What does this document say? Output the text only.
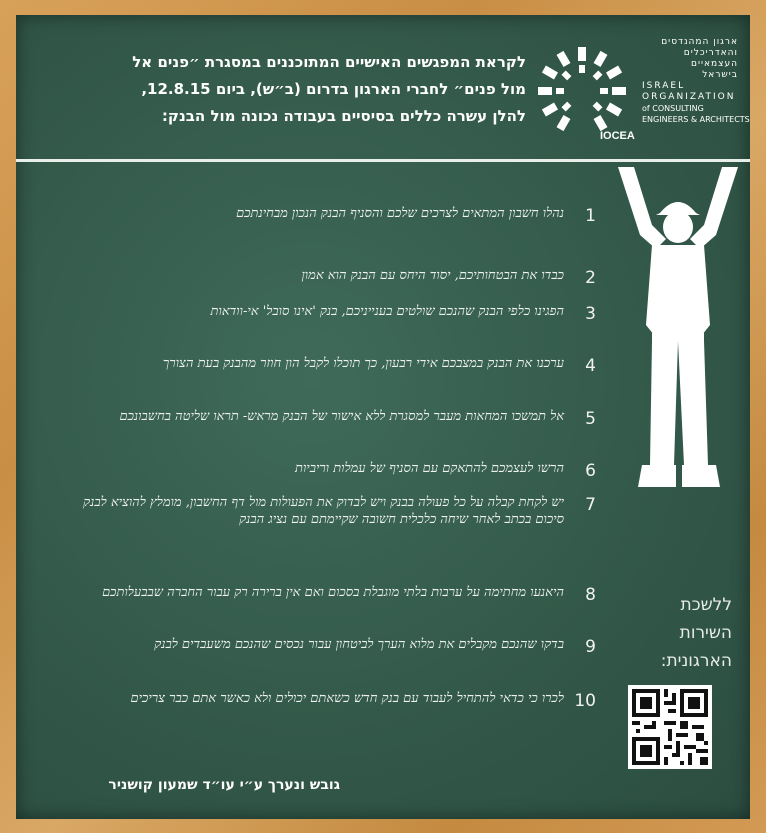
לקראת המפגשים האישיים המתוכננים במסגרת ״פנים אל
מול פנים״ לחברי הארגון בדרום (ב״ש), ביום 12.8.15,
להלן עשרה כללים בסיסיים בעבודה נכונה מול הבנק:
IOCEA
ארגון המהנדסים
והאדריכלים
העצמאיים
בישראל
ISRAEL
ORGANIZATION
of CONSULTING
ENGINEERS & ARCHITECTS
1
נהלו חשבון המתאים לצרכים שלכם והסניף הבנק הנכון מבחינתכם
2
כבדו את הבטחותיכם, יסוד היחס עם הבנק הוא אמון
3
הפגינו כלפי הבנק שהנכם שולטים בענייניכם, בנק 'אינו סובל' אי-וודאות
4
ערכנו את הבנק במצבכם אידי רבעון, כך תוכלו לקבל הון חוזר מהבנק בעת הצורך
5
אל תמשכו המחאות מעבר למסגרת ללא אישור של הבנק מראש- תראו שליטה בחשבונכם
6
הרשו לעצמכם להתאקם עם הסניף של עמלות וריביות
7
יש לקחת קבלה על כל פעולה בבנק ויש לבדוק את הפעולות מול דף החשבון, מומלץ להוציא לבנק סיכום בכתב לאחר שיחה כלכלית חשובה שקיימתם עם נציג הבנק
8
היאנעו מחתימה על ערבות בלתי מוגבלת בסכום ואם אין ברירה רק עבור החברה שבבעלותכם
9
בדקו שהנכם מקבלים את מלוא הערך לביטחון עבור נכסים שהנכם משעבדים לבנק
10
לכרו כי כדאי להתחיל לעבוד עם בנק חדש כשאתם יכולים ולא כאשר אתם כבר צריכים
ללשכת
השירות
הארגונית:
גובש ונערך ע״י עו״ד שמעון קושניר
